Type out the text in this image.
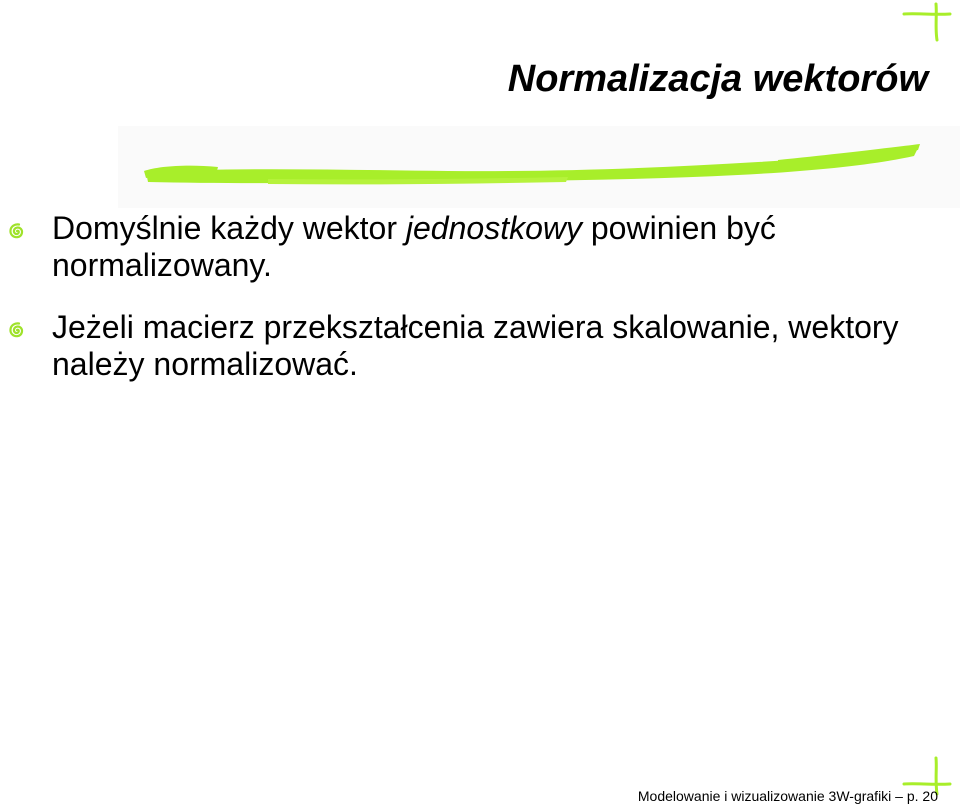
Normalizacja wektorów
Domyślnie każdy wektor jednostkowy powinien być normalizowany.
Jeżeli macierz przekształcenia zawiera skalowanie, wektory należy normalizować.
Modelowanie i wizualizowanie 3W-grafiki – p. 20
